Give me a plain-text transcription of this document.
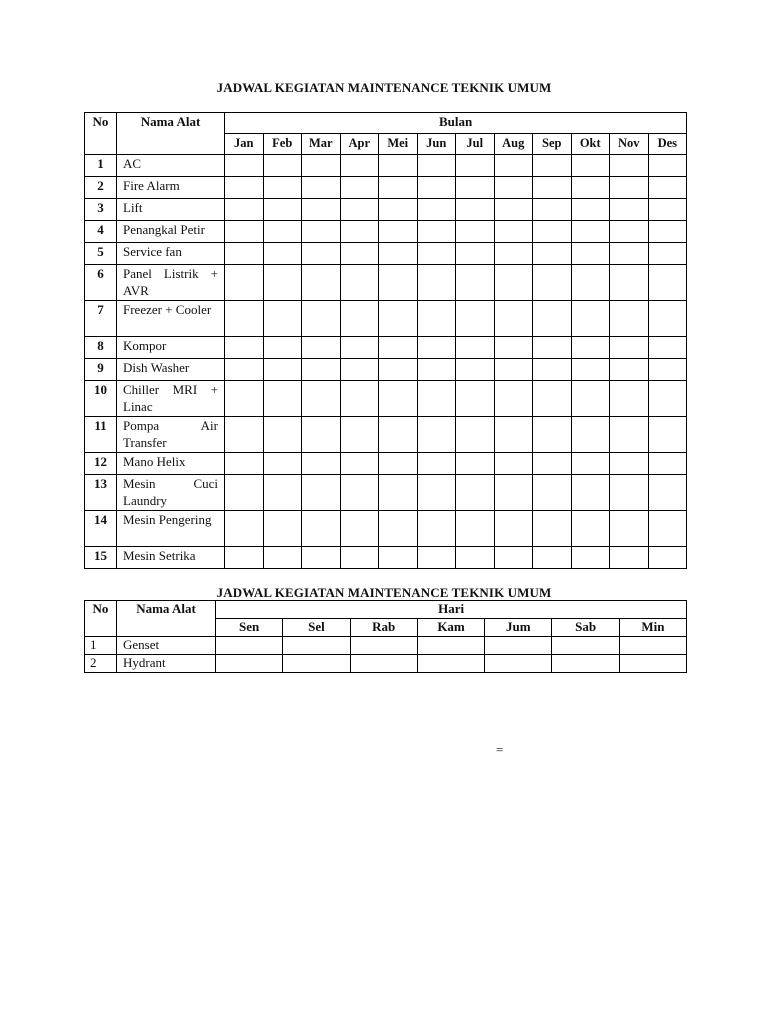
JADWAL KEGIATAN MAINTENANCE TEKNIK UMUM
No	Nama Alat	Bulan											
		Jan	Feb	Mar	Apr	Mei	Jun	Jul	Aug	Sep	Okt	Nov	Des
1	AC												
2	Fire Alarm												
3	Lift												
4	Penangkal Petir												
5	Service fan												
6	Panel Listrik + AVR												
7	Freezer + Cooler												
8	Kompor												
9	Dish Washer												
10	Chiller MRI + Linac												
11	Pompa Air Transfer												
12	Mano Helix												
13	Mesin Cuci Laundry												
14	Mesin Pengering												
15	Mesin Setrika												
JADWAL KEGIATAN MAINTENANCE TEKNIK UMUM
No	Nama Alat	Hari						
		Sen	Sel	Rab	Kam	Jum	Sab	Min
1	Genset							
2	Hydrant							
=
